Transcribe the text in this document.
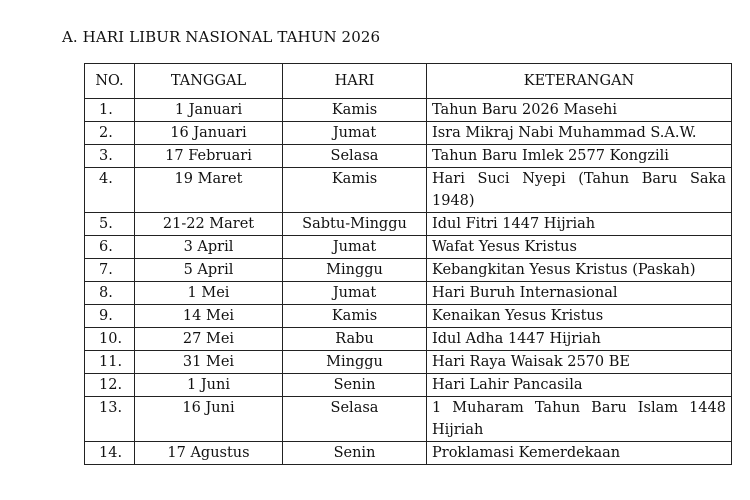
A. HARI LIBUR NASIONAL TAHUN 2026
NO.	TANGGAL	HARI	KETERANGAN
1.	1 Januari	Kamis	Tahun Baru 2026 Masehi
2.	16 Januari	Jumat	Isra Mikraj Nabi Muhammad S.A.W.
3.	17 Februari	Selasa	Tahun Baru Imlek 2577 Kongzili
4.	19 Maret	Kamis	Hari Suci Nyepi (Tahun Baru Saka 1948)
5.	21-22 Maret	Sabtu-Minggu	Idul Fitri 1447 Hijriah
6.	3 April	Jumat	Wafat Yesus Kristus
7.	5 April	Minggu	Kebangkitan Yesus Kristus (Paskah)
8.	1 Mei	Jumat	Hari Buruh Internasional
9.	14 Mei	Kamis	Kenaikan Yesus Kristus
10.	27 Mei	Rabu	Idul Adha 1447 Hijriah
11.	31 Mei	Minggu	Hari Raya Waisak 2570 BE
12.	1 Juni	Senin	Hari Lahir Pancasila
13.	16 Juni	Selasa	1 Muharam Tahun Baru Islam 1448 Hijriah
14.	17 Agustus	Senin	Proklamasi Kemerdekaan
